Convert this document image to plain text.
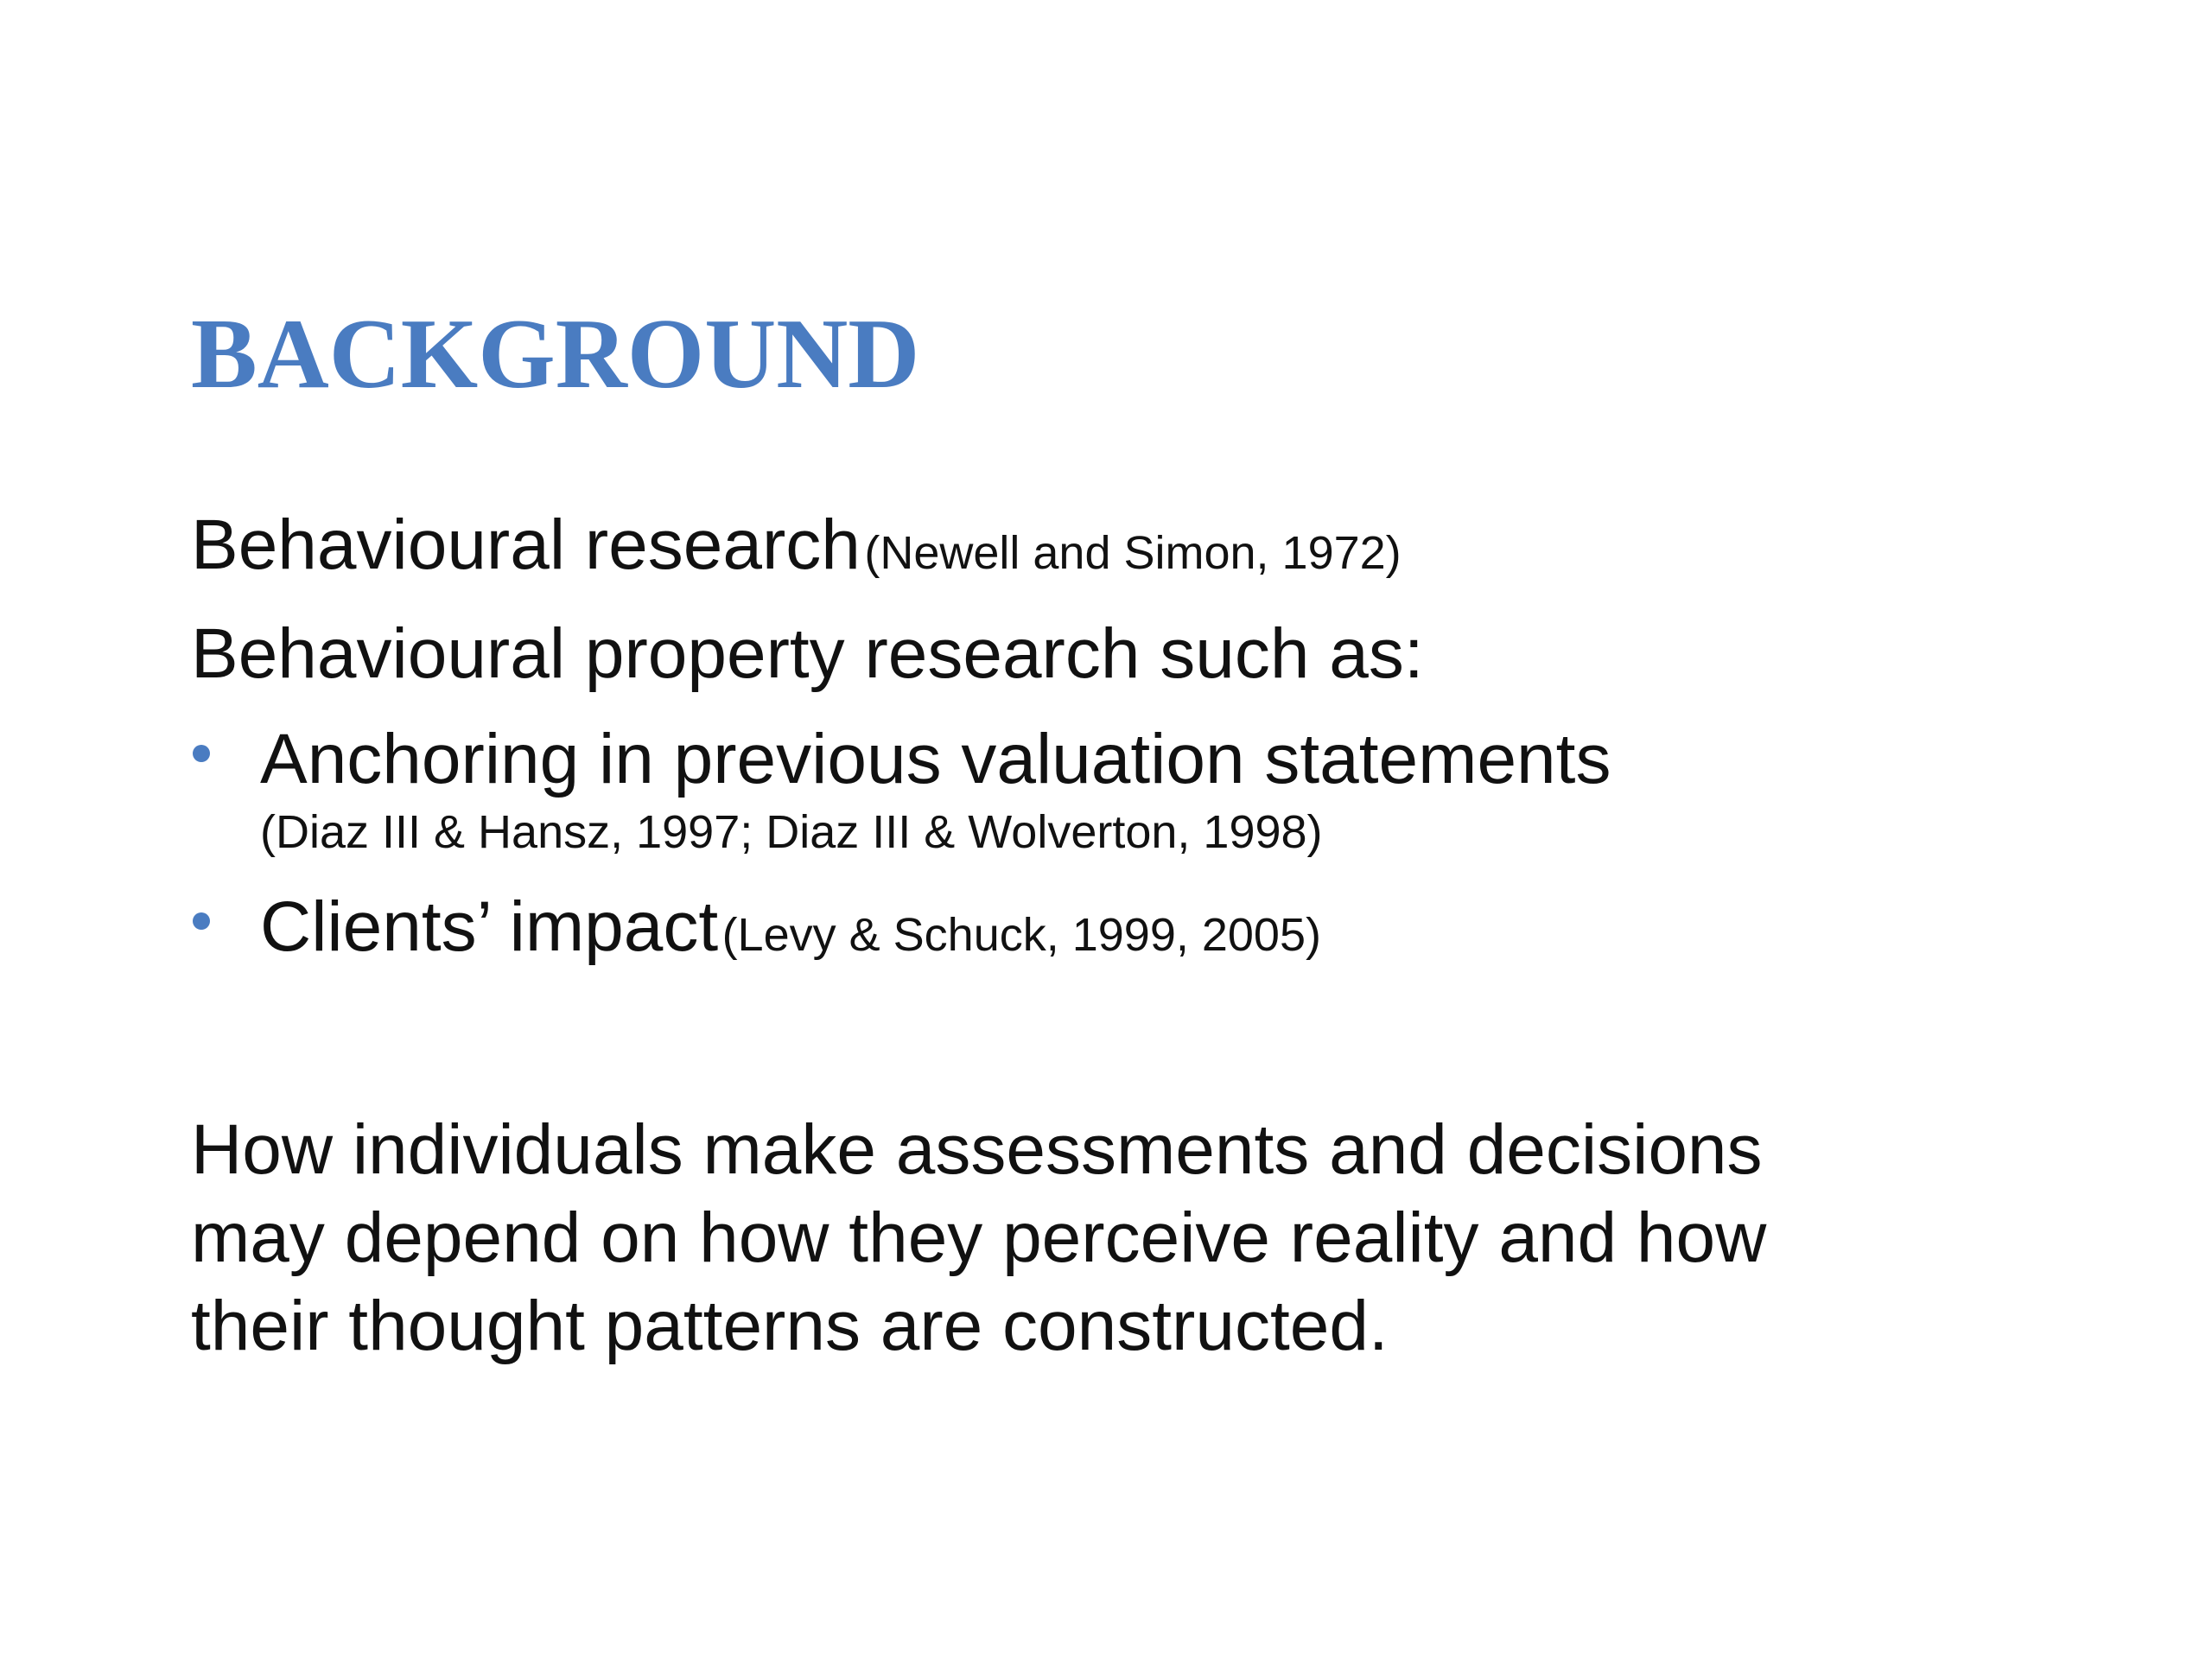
BACKGROUND
Behavioural research (Newell and Simon, 1972)
Behavioural property research such as:
Anchoring in previous valuation statements
(Diaz III & Hansz, 1997; Diaz III & Wolverton, 1998)
Clients’ impact (Levy & Schuck, 1999, 2005)
How individuals make assessments and decisions
may depend on how they perceive reality and how
their thought patterns are constructed.
